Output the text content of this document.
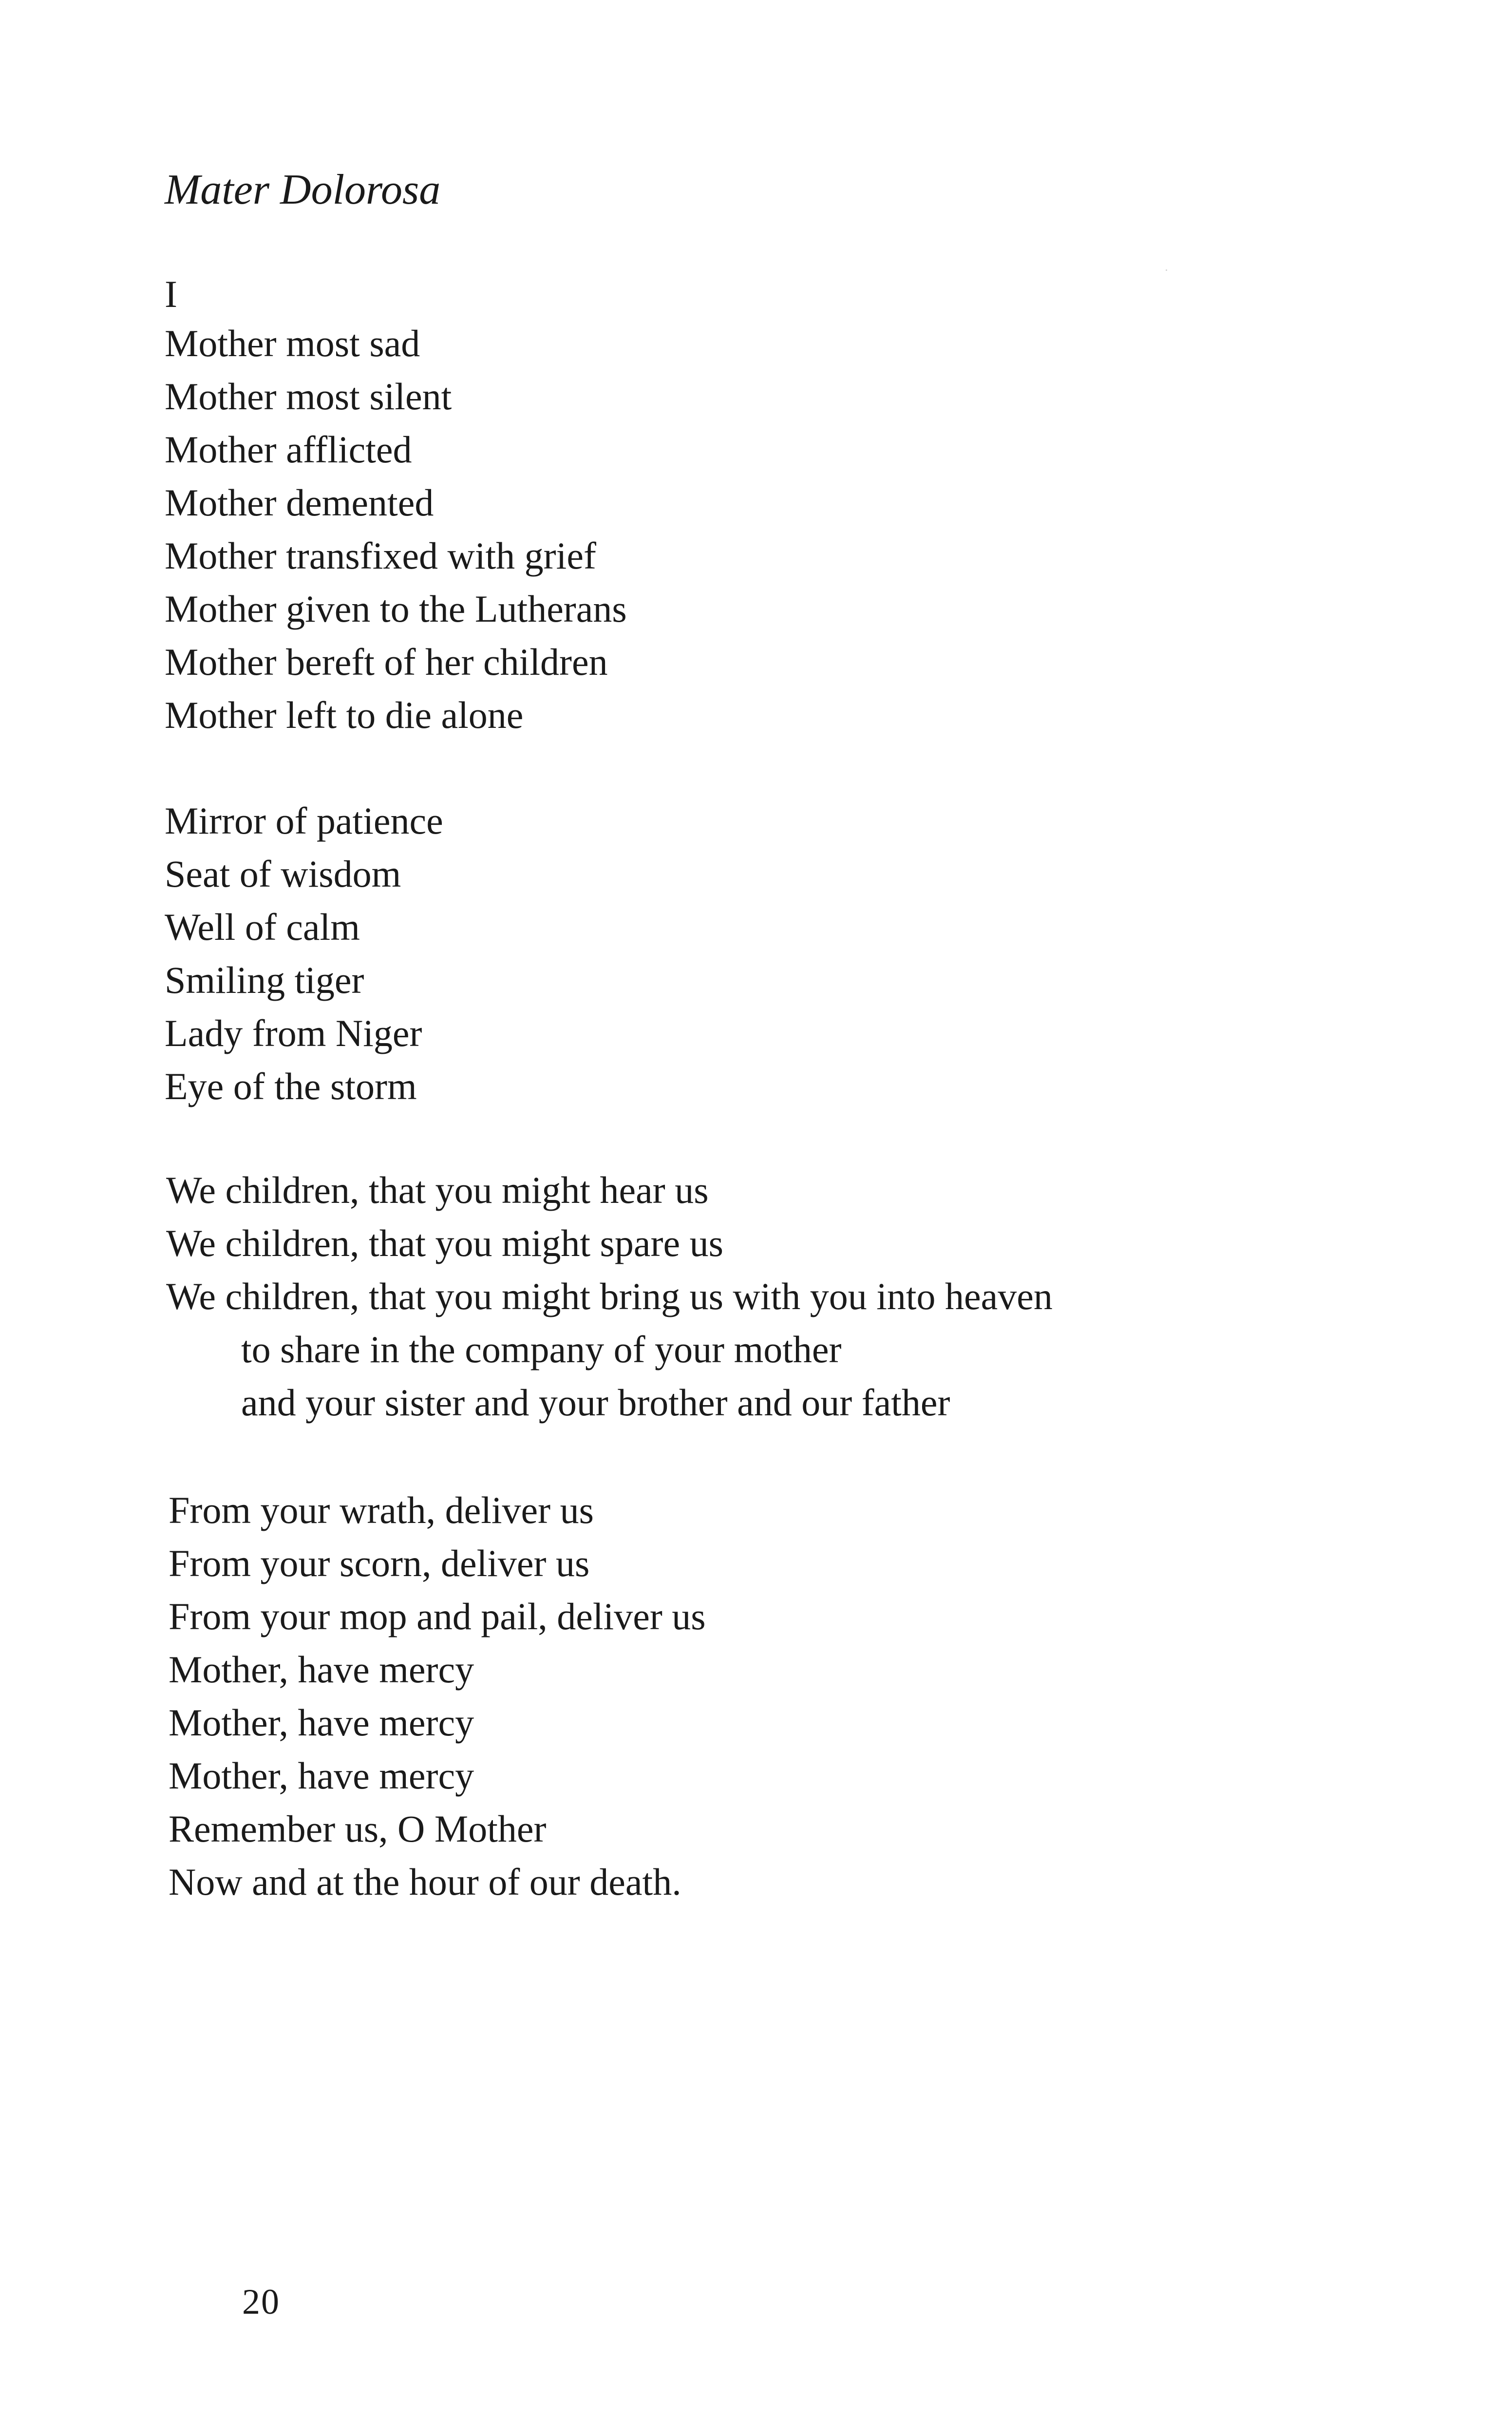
Mater Dolorosa
I
Mother most sad
Mother most silent
Mother afflicted
Mother demented
Mother transfixed with grief
Mother given to the Lutherans
Mother bereft of her children
Mother left to die alone
Mirror of patience
Seat of wisdom
Well of calm
Smiling tiger
Lady from Niger
Eye of the storm
We children, that you might hear us
We children, that you might spare us
We children, that you might bring us with you into heaven
to share in the company of your mother
and your sister and your brother and our father
From your wrath, deliver us
From your scorn, deliver us
From your mop and pail, deliver us
Mother, have mercy
Mother, have mercy
Mother, have mercy
Remember us, O Mother
Now and at the hour of our death.
20
